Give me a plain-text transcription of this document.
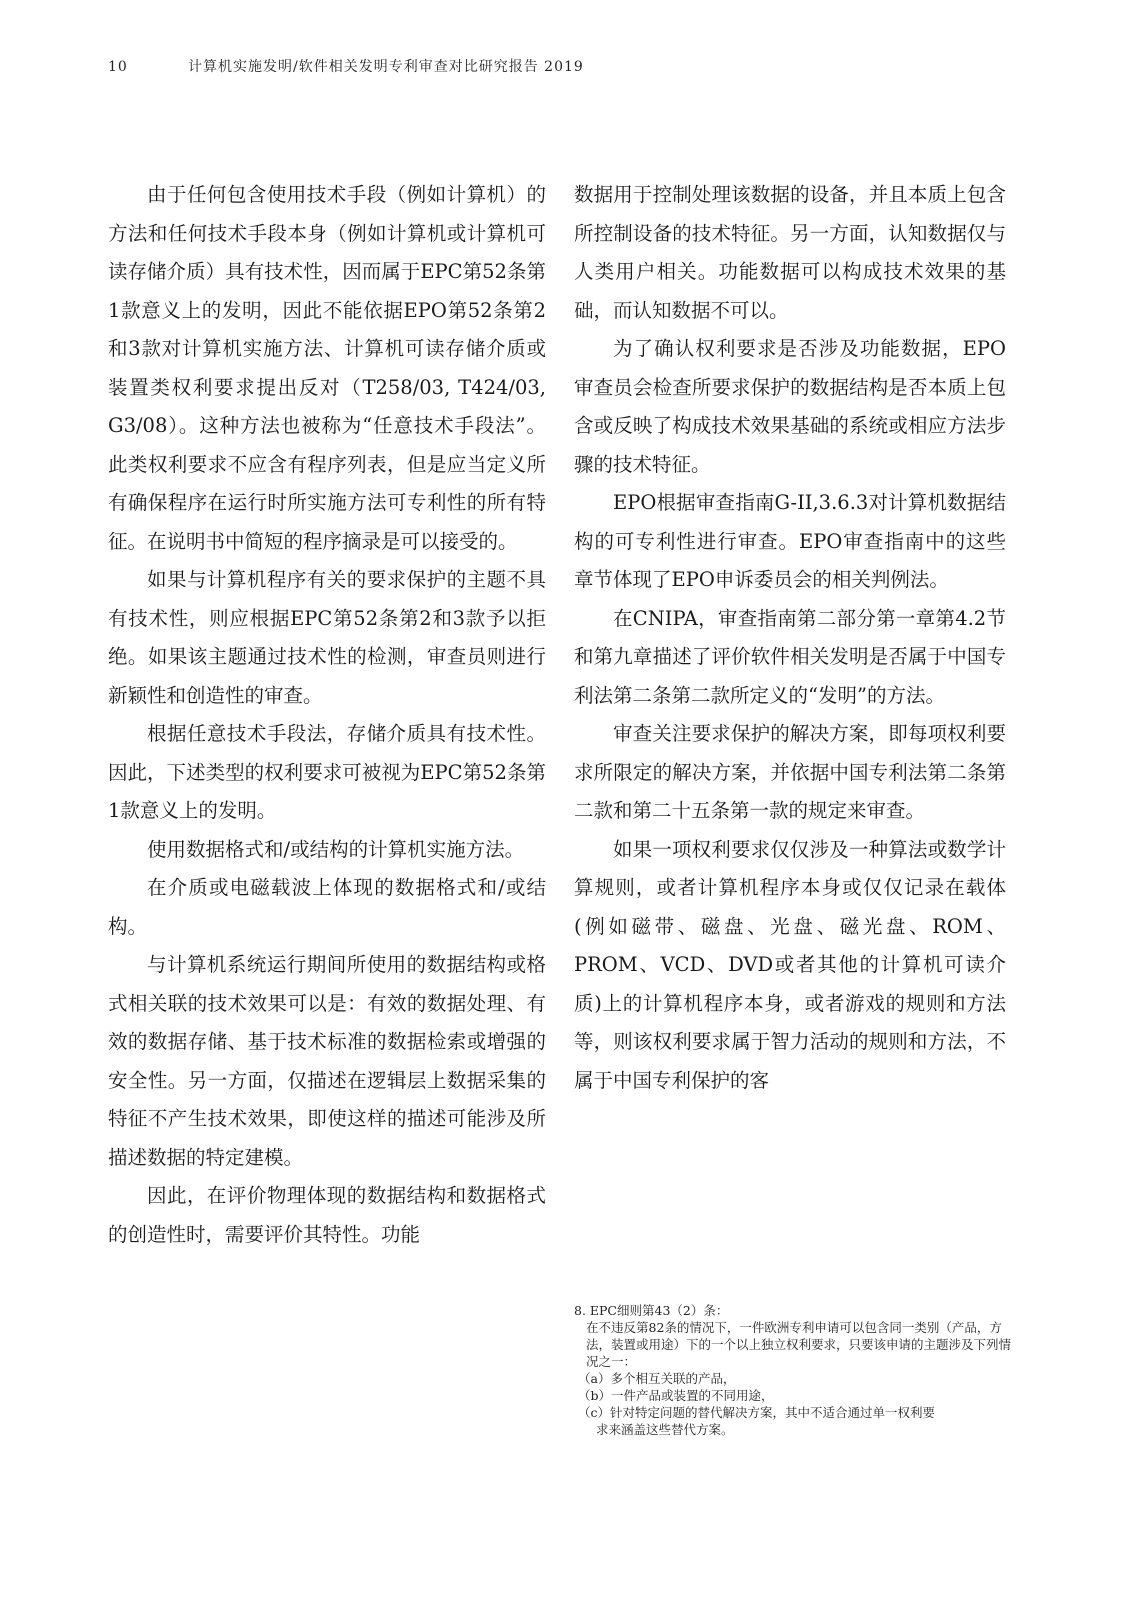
10	计算机实施发明/软件相关发明专利审查对比研究报告 2019

由于任何包含使用技术手段（例如计算机）的方法和任何技术手段本身（例如计算机或计算机可读存储介质）具有技术性，因而属于EPC第52条第1款意义上的发明，因此不能依据EPO第52条第2和3款对计算机实施方法、计算机可读存储介质或装置类权利要求提出反对（T258/03, T424/03, G3/08）。这种方法也被称为“任意技术手段法”。此类权利要求不应含有程序列表，但是应当定义所有确保程序在运行时所实施方法可专利性的所有特征。在说明书中简短的程序摘录是可以接受的。

如果与计算机程序有关的要求保护的主题不具有技术性，则应根据EPC第52条第2和3款予以拒绝。如果该主题通过技术性的检测，审查员则进行新颖性和创造性的审查。

根据任意技术手段法，存储介质具有技术性。因此，下述类型的权利要求可被视为EPC第52条第1款意义上的发明。

使用数据格式和/或结构的计算机实施方法。

在介质或电磁载波上体现的数据格式和/或结构。

与计算机系统运行期间所使用的数据结构或格式相关联的技术效果可以是：有效的数据处理、有效的数据存储、基于技术标准的数据检索或增强的安全性。另一方面，仅描述在逻辑层上数据采集的特征不产生技术效果，即使这样的描述可能涉及所描述数据的特定建模。

因此，在评价物理体现的数据结构和数据格式的创造性时，需要评价其特性。功能

数据用于控制处理该数据的设备，并且本质上包含所控制设备的技术特征。另一方面，认知数据仅与人类用户相关。功能数据可以构成技术效果的基础，而认知数据不可以。

为了确认权利要求是否涉及功能数据，EPO审查员会检查所要求保护的数据结构是否本质上包含或反映了构成技术效果基础的系统或相应方法步骤的技术特征。

EPO根据审查指南G-II,3.6.3对计算机数据结构的可专利性进行审查。EPO审查指南中的这些章节体现了EPO申诉委员会的相关判例法。

在CNIPA，审查指南第二部分第一章第4.2节和第九章描述了评价软件相关发明是否属于中国专利法第二条第二款所定义的“发明”的方法。

审查关注要求保护的解决方案，即每项权利要求所限定的解决方案，并依据中国专利法第二条第二款和第二十五条第一款的规定来审查。

如果一项权利要求仅仅涉及一种算法或数学计算规则，或者计算机程序本身或仅仅记录在载体(例如磁带、磁盘、光盘、磁光盘、ROM、PROM、VCD、DVD或者其他的计算机可读介质)上的计算机程序本身，或者游戏的规则和方法等，则该权利要求属于智力活动的规则和方法，不属于中国专利保护的客

8. EPC细则第43（2）条：

在不违反第82条的情况下，一件欧洲专利申请可以包含同一类别（产品，方法，装置或用途）下的一个以上独立权利要求，只要该申请的主题涉及下列情况之一：

（a）多个相互关联的产品，

（b）一件产品或装置的不同用途，

（c）针对特定问题的替代解决方案，其中不适合通过单一权利要

求来涵盖这些替代方案。
